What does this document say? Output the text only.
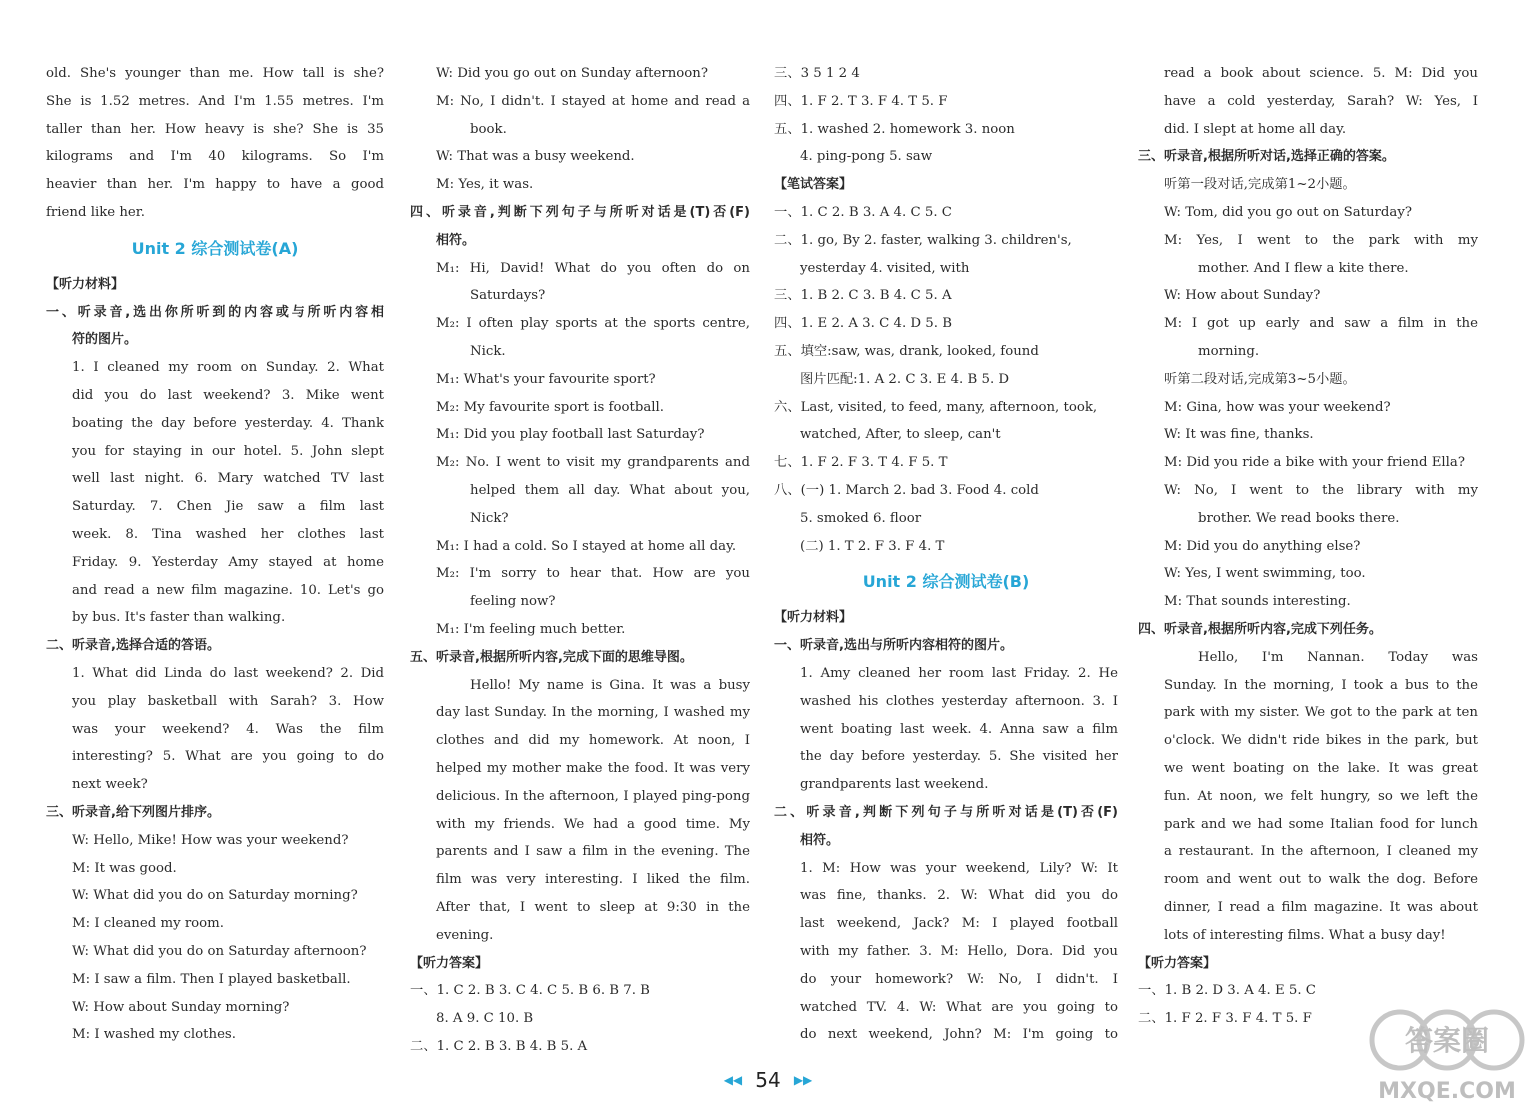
old. She's younger than me. How tall is she?
She is 1.52 metres. And I'm 1.55 metres. I'm
taller than her. How heavy is she? She is 35
kilograms and I'm 40 kilograms. So I'm
heavier than her. I'm happy to have a good
friend like her.
Unit 2 综合测试卷(A)
【听力材料】
一、听录音,选出你所听到的内容或与所听内容相
符的图片。
1. I cleaned my room on Sunday. 2. What
did you do last weekend? 3. Mike went
boating the day before yesterday. 4. Thank
you for staying in our hotel. 5. John slept
well last night. 6. Mary watched TV last
Saturday. 7. Chen Jie saw a film last
week. 8. Tina washed her clothes last
Friday. 9. Yesterday Amy stayed at home
and read a new film magazine. 10. Let's go
by bus. It's faster than walking.
二、听录音,选择合适的答语。
1. What did Linda do last weekend? 2. Did
you play basketball with Sarah? 3. How
was your weekend? 4. Was the film
interesting? 5. What are you going to do
next week?
三、听录音,给下列图片排序。
W: Hello, Mike! How was your weekend?
M: It was good.
W: What did you do on Saturday morning?
M: I cleaned my room.
W: What did you do on Saturday afternoon?
M: I saw a film. Then I played basketball.
W: How about Sunday morning?
M: I washed my clothes.
W: Did you go out on Sunday afternoon?
M: No, I didn't. I stayed at home and read a
book.
W: That was a busy weekend.
M: Yes, it was.
四、听录音,判断下列句子与所听对话是(T)否(F)
相符。
M₁: Hi, David! What do you often do on
Saturdays?
M₂: I often play sports at the sports centre,
Nick.
M₁: What's your favourite sport?
M₂: My favourite sport is football.
M₁: Did you play football last Saturday?
M₂: No. I went to visit my grandparents and
helped them all day. What about you,
Nick?
M₁: I had a cold. So I stayed at home all day.
M₂: I'm sorry to hear that. How are you
feeling now?
M₁: I'm feeling much better.
五、听录音,根据所听内容,完成下面的思维导图。
Hello! My name is Gina. It was a busy
day last Sunday. In the morning, I washed my
clothes and did my homework. At noon, I
helped my mother make the food. It was very
delicious. In the afternoon, I played ping-pong
with my friends. We had a good time. My
parents and I saw a film in the evening. The
film was very interesting. I liked the film.
After that, I went to sleep at 9:30 in the
evening.
【听力答案】
一、1. C 2. B 3. C 4. C 5. B 6. B 7. B
8. A 9. C 10. B
二、1. C 2. B 3. B 4. B 5. A
三、3 5 1 2 4
四、1. F 2. T 3. F 4. T 5. F
五、1. washed 2. homework 3. noon
4. ping-pong 5. saw
【笔试答案】
一、1. C 2. B 3. A 4. C 5. C
二、1. go, By 2. faster, walking 3. children's,
yesterday 4. visited, with
三、1. B 2. C 3. B 4. C 5. A
四、1. E 2. A 3. C 4. D 5. B
五、填空:saw, was, drank, looked, found
图片匹配:1. A 2. C 3. E 4. B 5. D
六、Last, visited, to feed, many, afternoon, took,
watched, After, to sleep, can't
七、1. F 2. F 3. T 4. F 5. T
八、(一) 1. March 2. bad 3. Food 4. cold
5. smoked 6. floor
(二) 1. T 2. F 3. F 4. T
Unit 2 综合测试卷(B)
【听力材料】
一、听录音,选出与所听内容相符的图片。
1. Amy cleaned her room last Friday. 2. He
washed his clothes yesterday afternoon. 3. I
went boating last week. 4. Anna saw a film
the day before yesterday. 5. She visited her
grandparents last weekend.
二、听录音,判断下列句子与所听对话是(T)否(F)
相符。
1. M: How was your weekend, Lily? W: It
was fine, thanks. 2. W: What did you do
last weekend, Jack? M: I played football
with my father. 3. M: Hello, Dora. Did you
do your homework? W: No, I didn't. I
watched TV. 4. W: What are you going to
do next weekend, John? M: I'm going to
read a book about science. 5. M: Did you
have a cold yesterday, Sarah? W: Yes, I
did. I slept at home all day.
三、听录音,根据所听对话,选择正确的答案。
听第一段对话,完成第1~2小题。
W: Tom, did you go out on Saturday?
M: Yes, I went to the park with my
mother. And I flew a kite there.
W: How about Sunday?
M: I got up early and saw a film in the
morning.
听第二段对话,完成第3~5小题。
M: Gina, how was your weekend?
W: It was fine, thanks.
M: Did you ride a bike with your friend Ella?
W: No, I went to the library with my
brother. We read books there.
M: Did you do anything else?
W: Yes, I went swimming, too.
M: That sounds interesting.
四、听录音,根据所听内容,完成下列任务。
Hello, I'm Nannan. Today was
Sunday. In the morning, I took a bus to the
park with my sister. We got to the park at ten
o'clock. We didn't ride bikes in the park, but
we went boating on the lake. It was great
fun. At noon, we felt hungry, so we left the
park and we had some Italian food for lunch
a restaurant. In the afternoon, I cleaned my
room and went out to walk the dog. Before
dinner, I read a film magazine. It was about
lots of interesting films. What a busy day!
【听力答案】
一、1. B 2. D 3. A 4. E 5. C
二、1. F 2. F 3. F 4. T 5. F
◀◀ 54 ▶▶
答案圈
MXQE.COM
